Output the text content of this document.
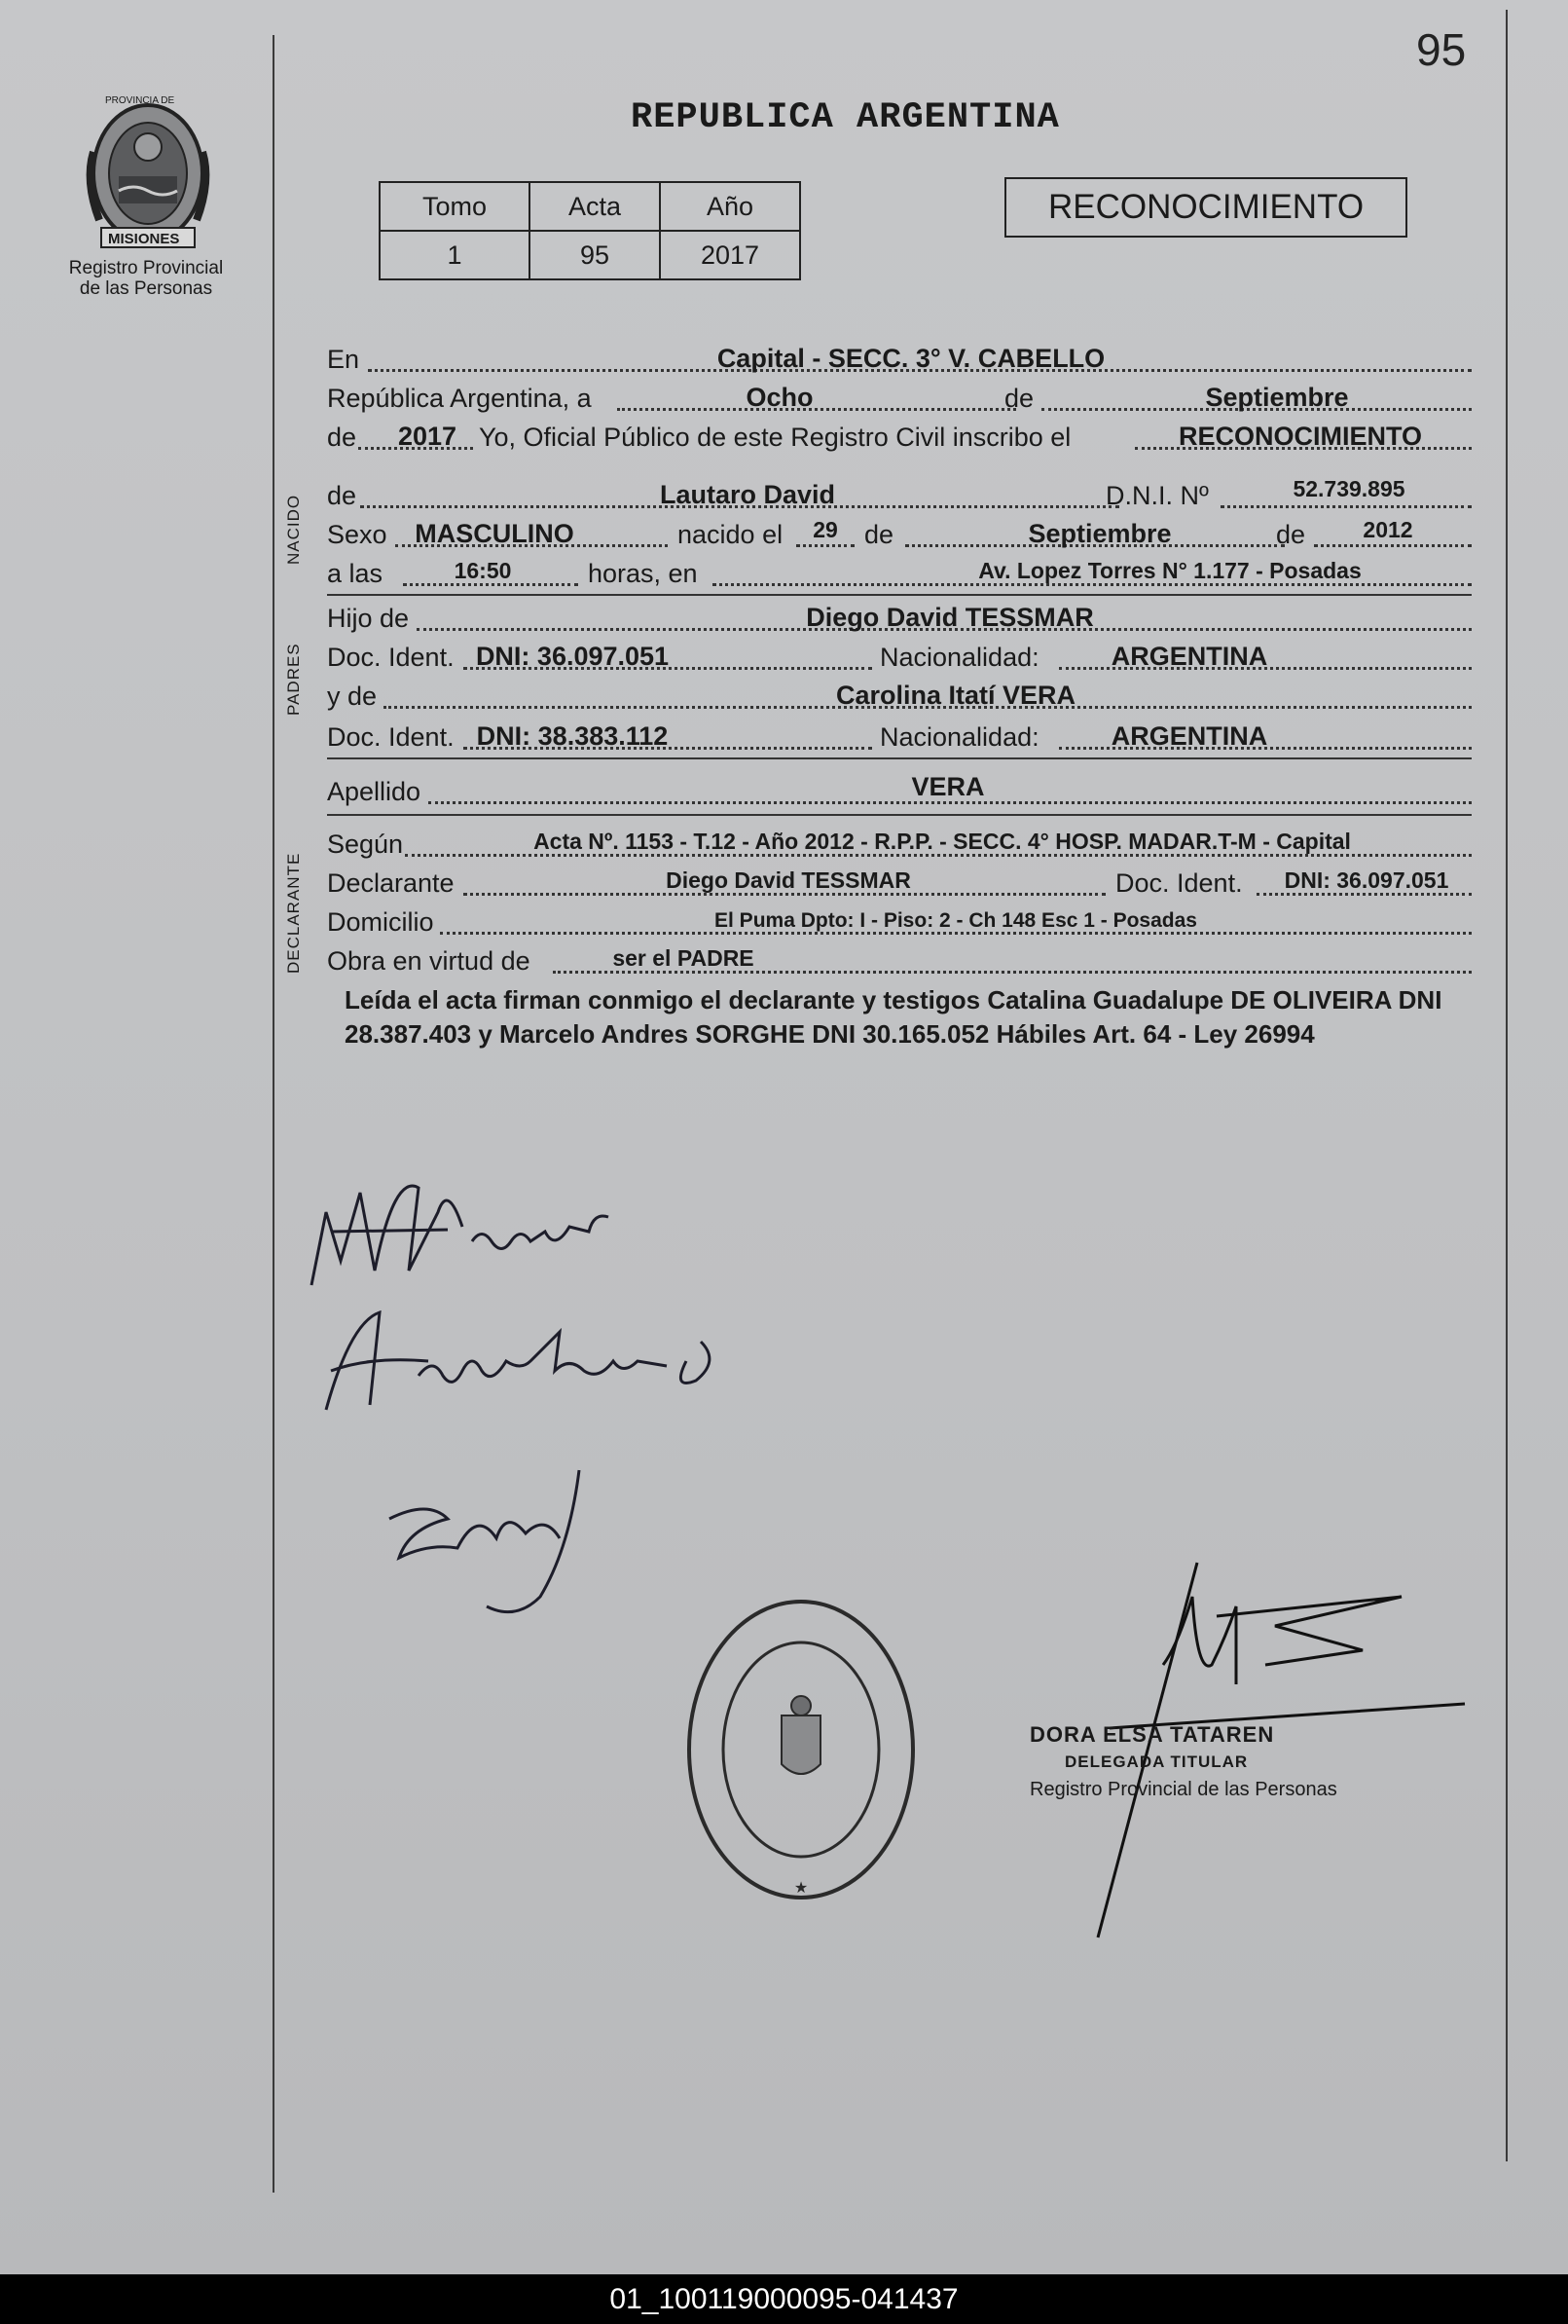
95
PROVINCIA DE
MISIONES
Registro Provincial
de las Personas
REPUBLICA ARGENTINA
Tomo	Acta	Año
1	95	2017
RECONOCIMIENTO
En	Capital - SECC. 3° V. CABELLO
República Argentina, a	Ocho	de	Septiembre
de 2017 Yo, Oficial Público de este Registro Civil inscribo el	RECONOCIMIENTO
NACIDO de	Lautaro David	D.N.I. Nº	52.739.895
Sexo MASCULINO	nacido el 29 de	Septiembre	de	2012
a las	16:50	horas, en	Av. Lopez Torres N° 1.177 - Posadas
PADRES
Hijo de	Diego David TESSMAR
Doc. Ident. DNI: 36.097.051	Nacionalidad:	ARGENTINA
y de	Carolina Itatí VERA
Doc. Ident. DNI: 38.383.112	Nacionalidad:	ARGENTINA
Apellido	VERA
DECLARANTE
Según	Acta Nº. 1153 - T.12 - Año 2012 - R.P.P. - SECC. 4° HOSP. MADAR.T-M - Capital
Declarante	Diego David TESSMAR	Doc. Ident. DNI: 36.097.051
Domicilio	El Puma Dpto: I - Piso: 2 - Ch 148 Esc 1 - Posadas
Obra en virtud de	ser el PADRE
Leída el acta firman conmigo el declarante y testigos Catalina Guadalupe DE OLIVEIRA DNI 28.387.403 y Marcelo Andres SORGHE DNI 30.165.052 Hábiles Art. 64 - Ley 26994
★
DORA ELSA TATAREN
DELEGADA TITULAR
Registro Provincial de las Personas
01_100119000095-041437
